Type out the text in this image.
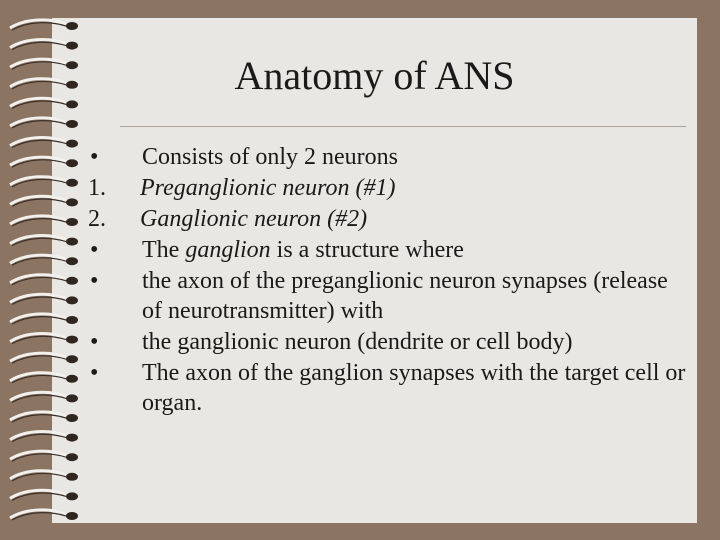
Anatomy of ANS
•	Consists of only 2 neurons
1.	Preganglionic neuron (#1)
2.	Ganglionic neuron (#2)
•	The ganglion is a structure where
•	the axon of the preganglionic neuron synapses (release of neurotransmitter) with
•	the ganglionic neuron (dendrite or cell body)
•	The axon of the ganglion synapses with the target cell or organ.
